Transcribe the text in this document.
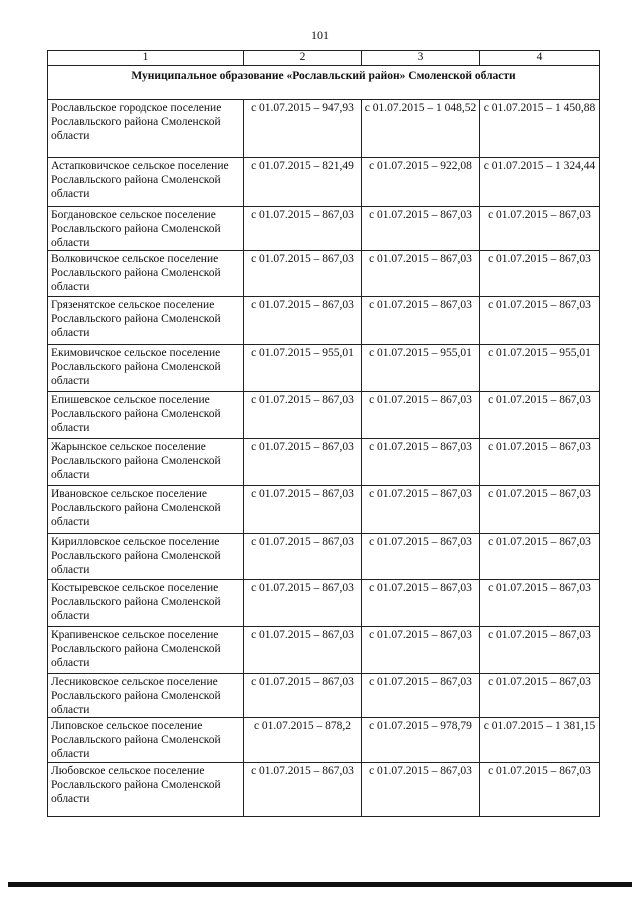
101
1	2	3	4
Муниципальное образование «Рославльский район» Смоленской области			
Рославльское городское поселение Рославльского района Смоленской области	с 01.07.2015 – 947,93	с 01.07.2015 – 1 048,52	с 01.07.2015 – 1 450,88
Астапковичское сельское поселение Рославльского района Смоленской области	с 01.07.2015 – 821,49	с 01.07.2015 – 922,08	с 01.07.2015 – 1 324,44
Богдановское сельское поселение Рославльского района Смоленской области	с 01.07.2015 – 867,03	с 01.07.2015 – 867,03	с 01.07.2015 – 867,03
Волковичское сельское поселение Рославльского района Смоленской области	с 01.07.2015 – 867,03	с 01.07.2015 – 867,03	с 01.07.2015 – 867,03
Грязенятское сельское поселение Рославльского района Смоленской области	с 01.07.2015 – 867,03	с 01.07.2015 – 867,03	с 01.07.2015 – 867,03
Екимовичское сельское поселение Рославльского района Смоленской области	с 01.07.2015 – 955,01	с 01.07.2015 – 955,01	с 01.07.2015 – 955,01
Епишевское сельское поселение Рославльского района Смоленской области	с 01.07.2015 – 867,03	с 01.07.2015 – 867,03	с 01.07.2015 – 867,03
Жарынское сельское поселение Рославльского района Смоленской области	с 01.07.2015 – 867,03	с 01.07.2015 – 867,03	с 01.07.2015 – 867,03
Ивановское сельское поселение Рославльского района Смоленской области	с 01.07.2015 – 867,03	с 01.07.2015 – 867,03	с 01.07.2015 – 867,03
Кирилловское сельское поселение Рославльского района Смоленской области	с 01.07.2015 – 867,03	с 01.07.2015 – 867,03	с 01.07.2015 – 867,03
Костыревское сельское поселение Рославльского района Смоленской области	с 01.07.2015 – 867,03	с 01.07.2015 – 867,03	с 01.07.2015 – 867,03
Крапивенское сельское поселение Рославльского района Смоленской области	с 01.07.2015 – 867,03	с 01.07.2015 – 867,03	с 01.07.2015 – 867,03
Лесниковское сельское поселение Рославльского района Смоленской области	с 01.07.2015 – 867,03	с 01.07.2015 – 867,03	с 01.07.2015 – 867,03
Липовское сельское поселение Рославльского района Смоленской области	с 01.07.2015 – 878,2	с 01.07.2015 – 978,79	с 01.07.2015 – 1 381,15
Любовское сельское поселение Рославльского района Смоленской области	с 01.07.2015 – 867,03	с 01.07.2015 – 867,03	с 01.07.2015 – 867,03
